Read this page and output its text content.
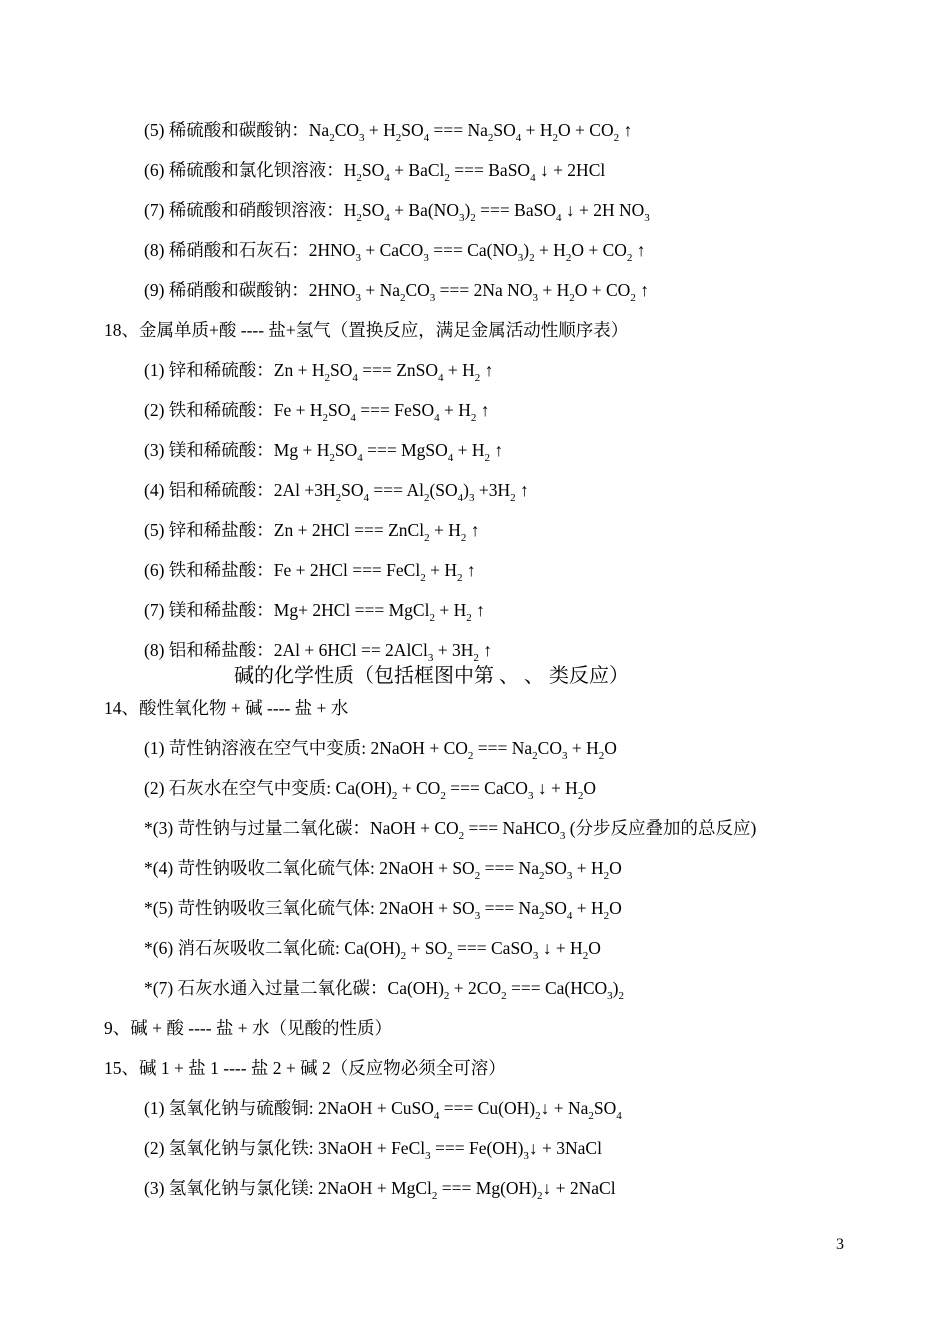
(5) 稀硫酸和碳酸钠：$Na_2CO_3 + H_2SO_4$ === $Na_2SO_4 + H_2O + CO_2$ ↑
(6) 稀硫酸和氯化钡溶液：$H_2SO_4$ + BaCl$_2$ === BaSO$_4$ ↓ + 2HCl
(7) 稀硫酸和硝酸钡溶液：$H_2SO_4 + Ba(NO_3)_2$ === BaSO$_4$ ↓ + 2H $NO_3$
(8) 稀硝酸和石灰石：$2HNO_3$ + CaCO$_3$ === $Ca(NO_3)_2 + H_2O + CO_2$ ↑
(9) 稀硝酸和碳酸钠：$2HNO_3 + Na_2CO_3$ === 2Na $NO_3 + H_2O + CO_2$ ↑
18、金属单质+酸 ---- 盐+氢气（置换反应，满足金属活动性顺序表）
(1) 锌和稀硫酸：$Zn + H_2SO_4$ === ZnSO$_4$ + $H_2$ ↑
(2) 铁和稀硫酸：$Fe + H_2SO_4$ === FeSO$_4$ + $H_2$ ↑
(3) 镁和稀硫酸：$Mg + H_2SO_4$ === MgSO$_4$ + $H_2$ ↑
(4) 铝和稀硫酸：$2Al +3H_2SO_4$ === $Al_2(SO_4)_3 +3H_2$ ↑
(5) 锌和稀盐酸：Zn + 2HCl === ZnCl$_2$ + $H_2$ ↑
(6) 铁和稀盐酸：Fe + 2HCl === FeCl$_2$ + $H_2$ ↑
(7) 镁和稀盐酸：Mg+ 2HCl === MgCl$_2$ + $H_2$ ↑
(8) 铝和稀盐酸：2Al + 6HCl == 2AlCl$_3$ + $3H_2$ ↑
碱的化学性质（包括框图中第 、 、 类反应）
14、酸性氧化物 + 碱 ---- 盐 + 水
(1) 苛性钠溶液在空气中变质: 2NaOH + $CO_2$ === $Na_2CO_3 + H_2O$
(2) 石灰水在空气中变质: $Ca(OH)_2 + CO_2$ === CaCO$_3$ ↓ + $H_2O$
*(3) 苛性钠与过量二氧化碳：NaOH + $CO_2$ === NaHCO$_3$ (分步反应叠加的总反应)
*(4) 苛性钠吸收二氧化硫气体: 2NaOH + $SO_2$ === $Na_2SO_3 + H_2O$
*(5) 苛性钠吸收三氧化硫气体: 2NaOH + $SO_3$ === $Na_2SO_4 + H_2O$
*(6) 消石灰吸收二氧化硫: $Ca(OH)_2 + SO_2$ === CaSO$_3$ ↓ + $H_2O$
*(7) 石灰水通入过量二氧化碳：$Ca(OH)_2 + 2CO_2$ === $Ca(HCO_3)_2$
9、碱 + 酸 ---- 盐 + 水（见酸的性质）
15、碱 1 + 盐 1 ---- 盐 2 + 碱 2（反应物必须全可溶）
(1) 氢氧化钠与硫酸铜: 2NaOH + CuSO$_4$ === $Cu(OH)_2↓ + Na_2SO_4$
(2) 氢氧化钠与氯化铁: 3NaOH + FeCl$_3$ === $Fe(OH)_3↓$ + 3NaCl
(3) 氢氧化钠与氯化镁: 2NaOH + MgCl$_2$ === $Mg(OH)_2↓$ + 2NaCl
3
